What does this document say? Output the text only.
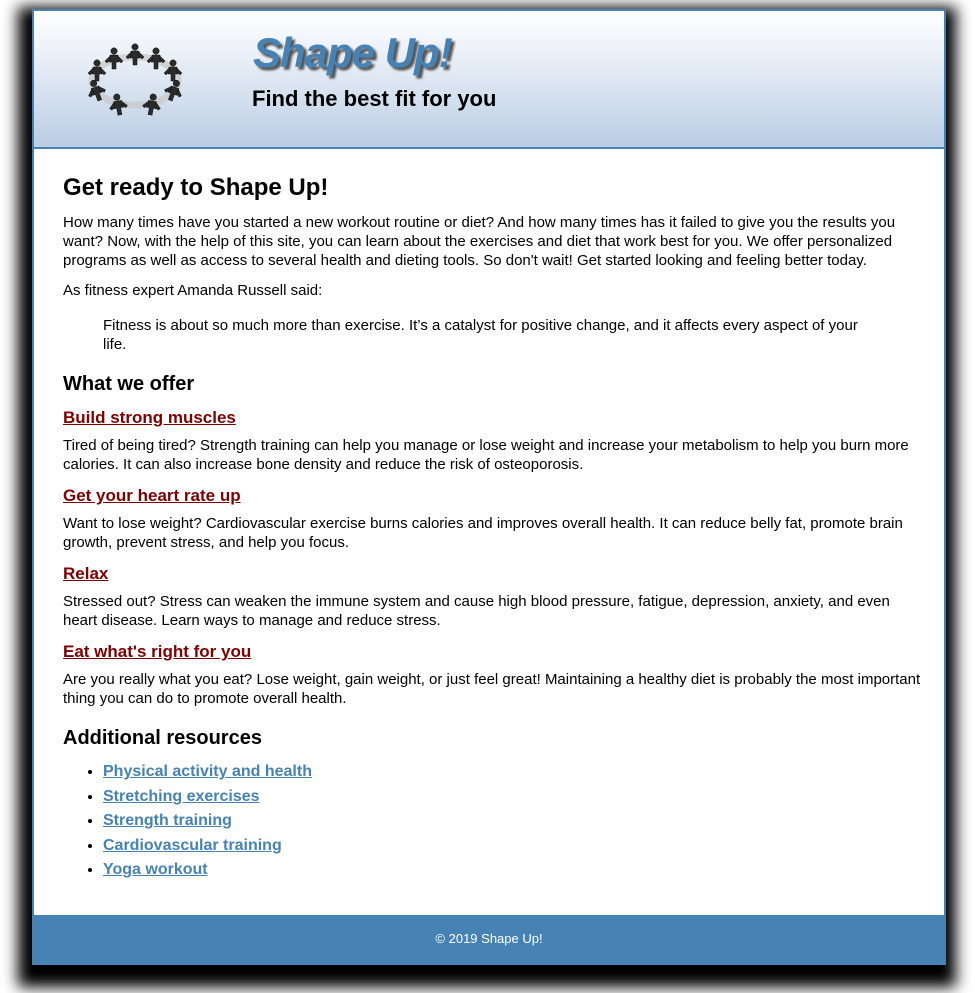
Shape Up!
Find the best fit for you
Get ready to Shape Up!

How many times have you started a new workout routine or diet? And how many times has it failed to give you the results you want? Now, with the help of this site, you can learn about the exercises and diet that work best for you. We offer personalized programs as well as access to several health and dieting tools. So don't wait! Get started looking and feeling better today.

As fitness expert Amanda Russell said:

Fitness is about so much more than exercise. It’s a catalyst for positive change, and it affects every aspect of your life.
What we offer
Build strong muscles

Tired of being tired? Strength training can help you manage or lose weight and increase your metabolism to help you burn more calories. It can also increase bone density and reduce the risk of osteoporosis.

Get your heart rate up

Want to lose weight? Cardiovascular exercise burns calories and improves overall health. It can reduce belly fat, promote brain growth, prevent stress, and help you focus.

Relax

Stressed out? Stress can weaken the immune system and cause high blood pressure, fatigue, depression, anxiety, and even heart disease. Learn ways to manage and reduce stress.

Eat what's right for you

Are you really what you eat? Lose weight, gain weight, or just feel great! Maintaining a healthy diet is probably the most important thing you can do to promote overall health.

Additional resources
• Physical activity and health
• Stretching exercises
• Strength training
• Cardiovascular training
• Yoga workout
© 2019 Shape Up!
